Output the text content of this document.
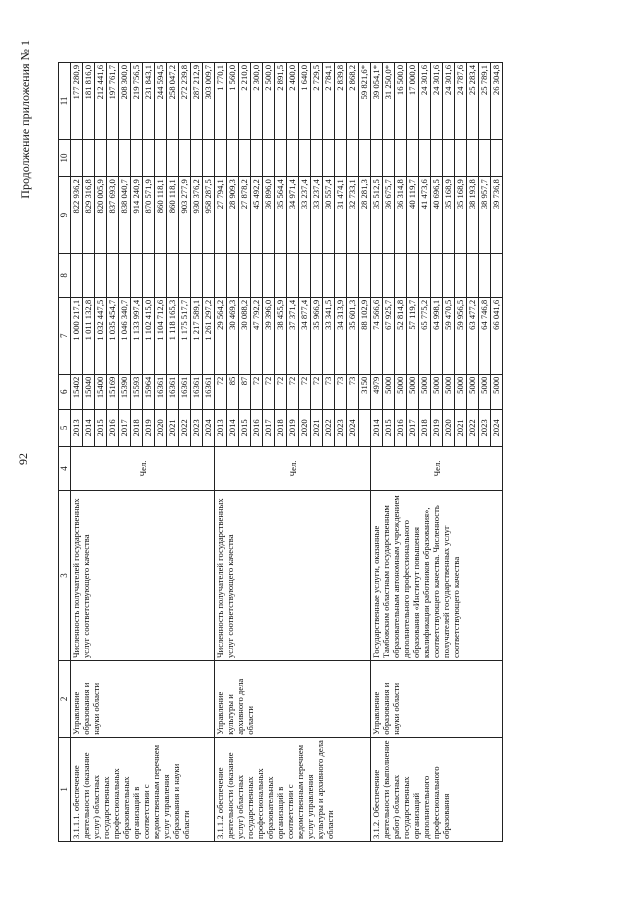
92
Продолжение приложения № 1
1	2	3	4	5	6	7	8	9	10	11

3.1.1.1. обеспечение деятельности (оказание услуг) областных государственных профессиональных образовательных организаций в соответствии с ведомственным перечнем услуг управления образования и науки области	Управление образования и науки области	Численность получателей государственных услуг соответствующего качества	Чел.	2013	15402	1 000 217,1		822 936,2		177 280,9
				2014	15040	1 011 132,8		829 316,8		181 816,0
				2015	15400	1 032 447,5		820 005,9		212 441,6
				2016	15169	1 035 454,7		837 693,0		197 761,7
				2017	15390	1 046 340,7		838 040,7		208 300,0
				2018	15593	1 133 997,4		914 240,9		219 756,5
				2019	15964	1 102 415,0		870 571,9		231 843,1
				2020	16361	1 104 712,6		860 118,1		244 594,5
				2021	16361	1 118 165,3		860 118,1		258 047,2
				2022	16361	1 175 517,7		903 277,9		272 239,8
				2023	16361	1 217 589,1		930 376,2		287 212,9
				2024	16361	1 261 297,2		958 287,5		303 009,7

3.1.1.2 обеспечение деятельности (оказание услуг) областных государственных профессиональных образовательных организаций в соответствии с ведомственным перечнем услуг управления культуры и архивного дела области	Управление культуры и архивного дела области	Численность получателей государственных услуг соответствующего качества	Чел.	2013	72	29 564,2		27 794,1		1 770,1
				2014	85	30 469,3		28 909,3		1 560,0
				2015	87	30 088,2		27 878,2		2 210,0
				2016	72	47 792,2		45 492,2		2 300,0
				2017	72	39 396,0		36 896,0		2 500,0
				2018	72	38 455,9		35 564,4		2 891,5
				2019	72	37 371,4		34 971,4		2 400,0
				2020	72	34 877,4		33 237,4		1 640,0
				2021	72	35 966,9		33 237,4		2 729,5
				2022	73	33 341,5		30 557,4		2 784,1
				2023	73	34 313,9		31 474,1		2 839,8
				2024	73	35 601,3		32 733,1		2 868,2
					3150	88 102,9		28 281,3		59 821,6*

3.1.2. Обеспечение деятельности (выполнение работ) областных государственных организаций дополнительного профессионального образования	Управление образования и науки области	Государственные услуги, оказанные Тамбовским областным государственным образовательным автономным учреждением дополнительного профессионального образования «Институт повышения квалификации работников образования», соответствующего качества. Численность получателей государственных услуг соответствующего качества	Чел.	2014	4979	74 566,6		35 512,5		39 054,1*
				2015	5000	67 925,7		36 675,7		31 250,0*
				2016	5000	52 814,8		36 314,8		16 500,0
				2017	5000	57 119,7		40 119,7		17 000,0
				2018	5000	65 775,2		41 473,6		24 301,6
				2019	5000	64 998,1		40 696,5		24 301,6
				2020	5000	59 470,5		35 168,9		24 301,6
				2021	5000	59 956,5		35 168,9		24 787,6
				2022	5000	63 477,2		38 193,8		25 283,4
				2023	5000	64 746,8		38 957,7		25 789,1
				2024	5000	66 041,6		39 736,8		26 304,8
